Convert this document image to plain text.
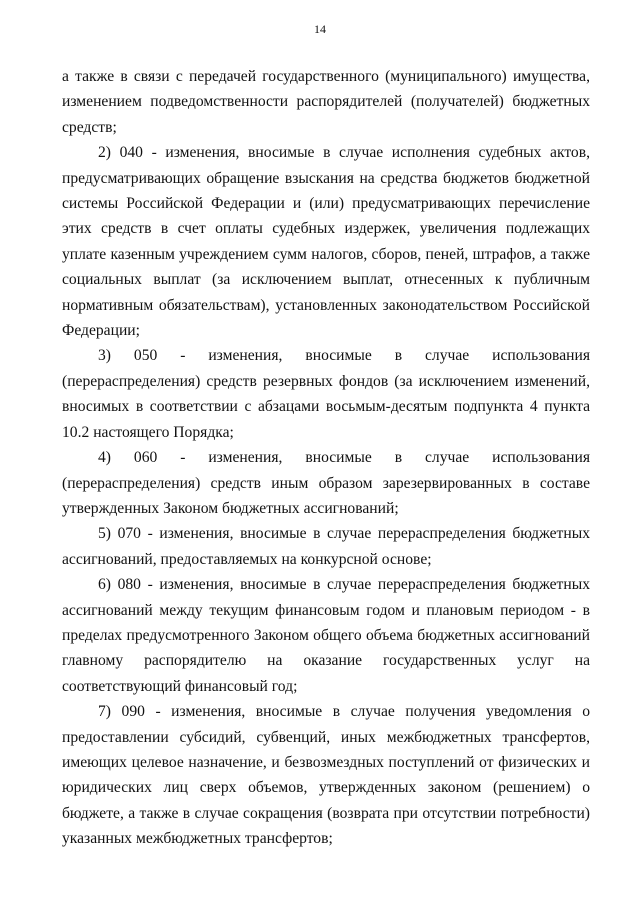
14

а также в связи с передачей государственного (муниципального) имущества, изменением подведомственности распорядителей (получателей) бюджетных средств;

2) 040 - изменения, вносимые в случае исполнения судебных актов, предусматривающих обращение взыскания на средства бюджетов бюджетной системы Российской Федерации и (или) предусматривающих перечисление этих средств в счет оплаты судебных издержек, увеличения подлежащих уплате казенным учреждением сумм налогов, сборов, пеней, штрафов, а также социальных выплат (за исключением выплат, отнесенных к публичным нормативным обязательствам), установленных законодательством Российской Федерации;

3) 050 - изменения, вносимые в случае использования (перераспределения) средств резервных фондов (за исключением изменений, вносимых в соответствии с абзацами восьмым-десятым подпункта 4 пункта 10.2 настоящего Порядка;

4) 060 - изменения, вносимые в случае использования (перераспределения) средств иным образом зарезервированных в составе утвержденных Законом бюджетных ассигнований;

5) 070 - изменения, вносимые в случае перераспределения бюджетных ассигнований, предоставляемых на конкурсной основе;

6) 080 - изменения, вносимые в случае перераспределения бюджетных ассигнований между текущим финансовым годом и плановым периодом - в пределах предусмотренного Законом общего объема бюджетных ассигнований главному распорядителю на оказание государственных услуг на соответствующий финансовый год;

7) 090 - изменения, вносимые в случае получения уведомления о предоставлении субсидий, субвенций, иных межбюджетных трансфертов, имеющих целевое назначение, и безвозмездных поступлений от физических и юридических лиц сверх объемов, утвержденных законом (решением) о бюджете, а также в случае сокращения (возврата при отсутствии потребности) указанных межбюджетных трансфертов;
